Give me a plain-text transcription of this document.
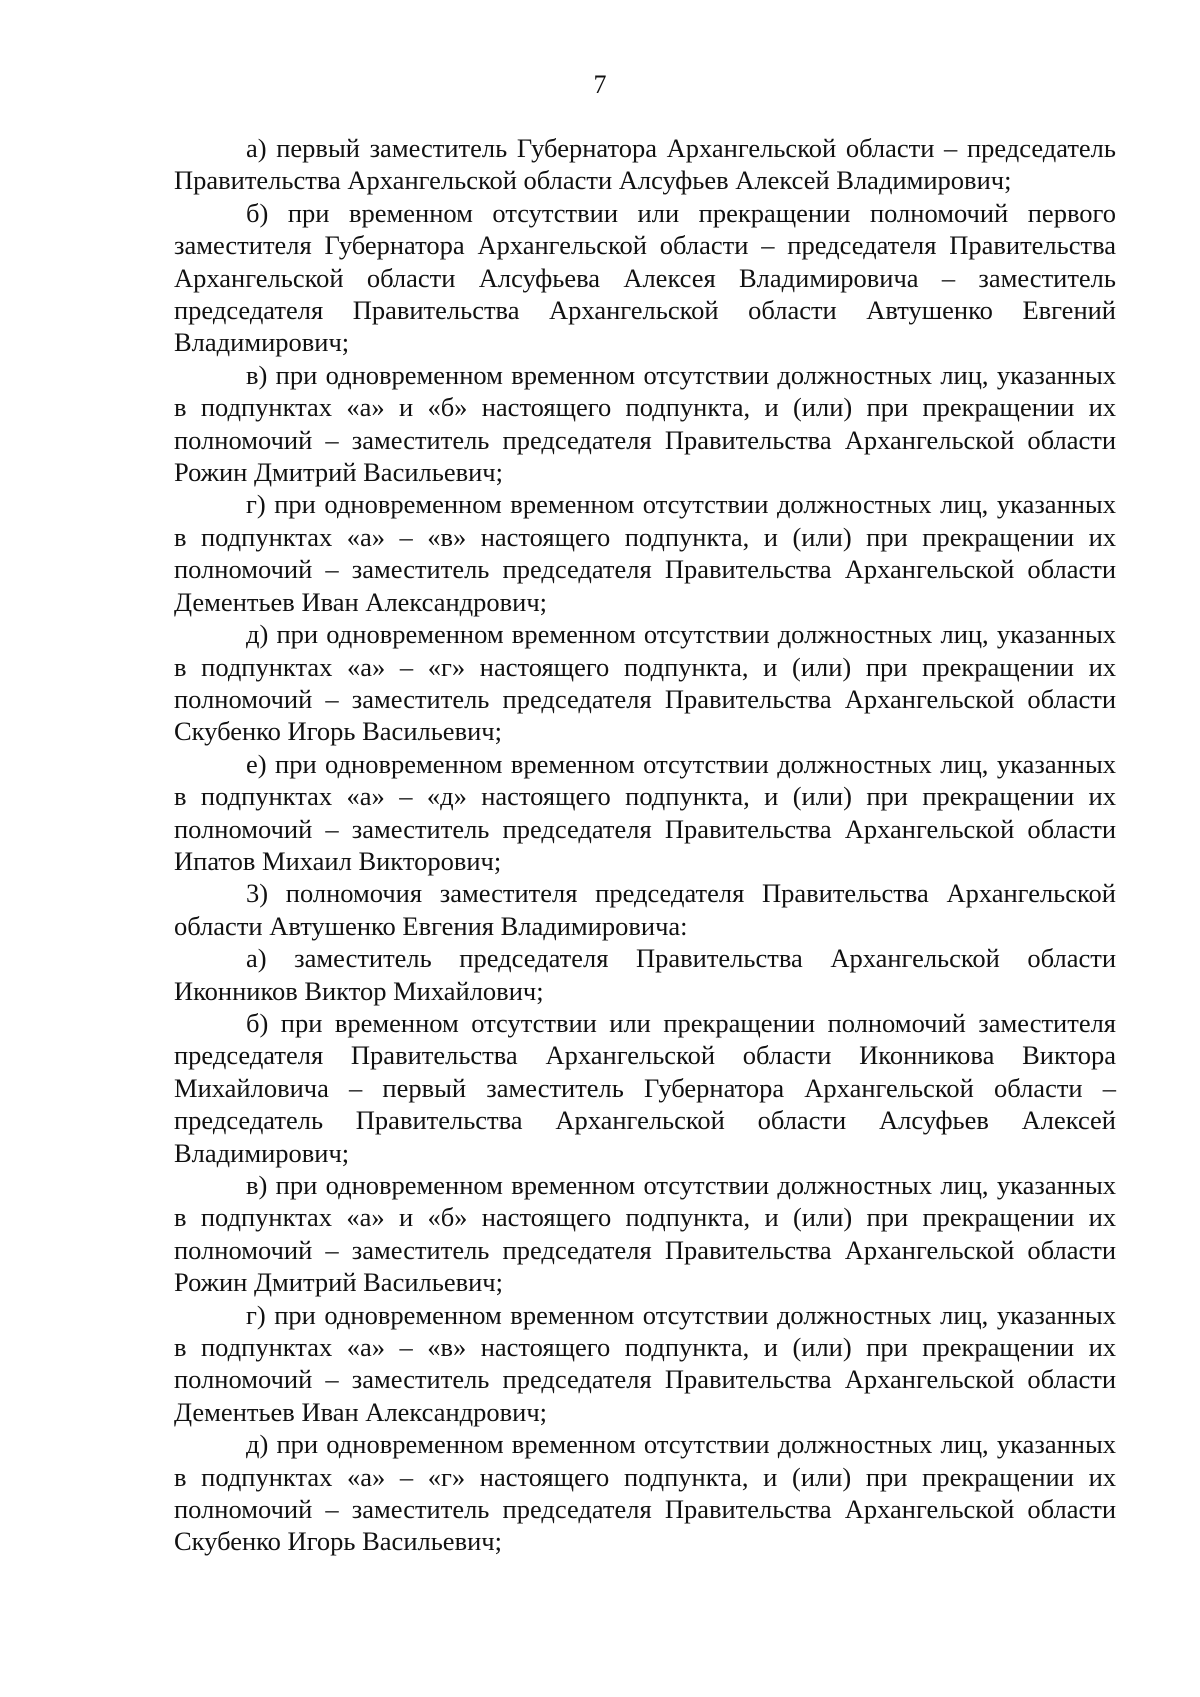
7

а) первый заместитель Губернатора Архангельской области – председатель Правительства Архангельской области Алсуфьев Алексей Владимирович;

б) при временном отсутствии или прекращении полномочий первого заместителя Губернатора Архангельской области – председателя Правительства Архангельской области Алсуфьева Алексея Владимировича – заместитель председателя Правительства Архангельской области Автушенко Евгений Владимирович;

в) при одновременном временном отсутствии должностных лиц, указанных в подпунктах «а» и «б» настоящего подпункта, и (или) при прекращении их полномочий – заместитель председателя Правительства Архангельской области Рожин Дмитрий Васильевич;

г) при одновременном временном отсутствии должностных лиц, указанных в подпунктах «а» – «в» настоящего подпункта, и (или) при прекращении их полномочий – заместитель председателя Правительства Архангельской области Дементьев Иван Александрович;

д) при одновременном временном отсутствии должностных лиц, указанных в подпунктах «а» – «г» настоящего подпункта, и (или) при прекращении их полномочий – заместитель председателя Правительства Архангельской области Скубенко Игорь Васильевич;

е) при одновременном временном отсутствии должностных лиц, указанных в подпунктах «а» – «д» настоящего подпункта, и (или) при прекращении их полномочий – заместитель председателя Правительства Архангельской области Ипатов Михаил Викторович;

3) полномочия заместителя председателя Правительства Архангельской области Автушенко Евгения Владимировича:

а) заместитель председателя Правительства Архангельской области Иконников Виктор Михайлович;

б) при временном отсутствии или прекращении полномочий заместителя председателя Правительства Архангельской области Иконникова Виктора Михайловича – первый заместитель Губернатора Архангельской области – председатель Правительства Архангельской области Алсуфьев Алексей Владимирович;

в) при одновременном временном отсутствии должностных лиц, указанных в подпунктах «а» и «б» настоящего подпункта, и (или) при прекращении их полномочий – заместитель председателя Правительства Архангельской области Рожин Дмитрий Васильевич;

г) при одновременном временном отсутствии должностных лиц, указанных в подпунктах «а» – «в» настоящего подпункта, и (или) при прекращении их полномочий – заместитель председателя Правительства Архангельской области Дементьев Иван Александрович;

д) при одновременном временном отсутствии должностных лиц, указанных в подпунктах «а» – «г» настоящего подпункта, и (или) при прекращении их полномочий – заместитель председателя Правительства Архангельской области Скубенко Игорь Васильевич;
